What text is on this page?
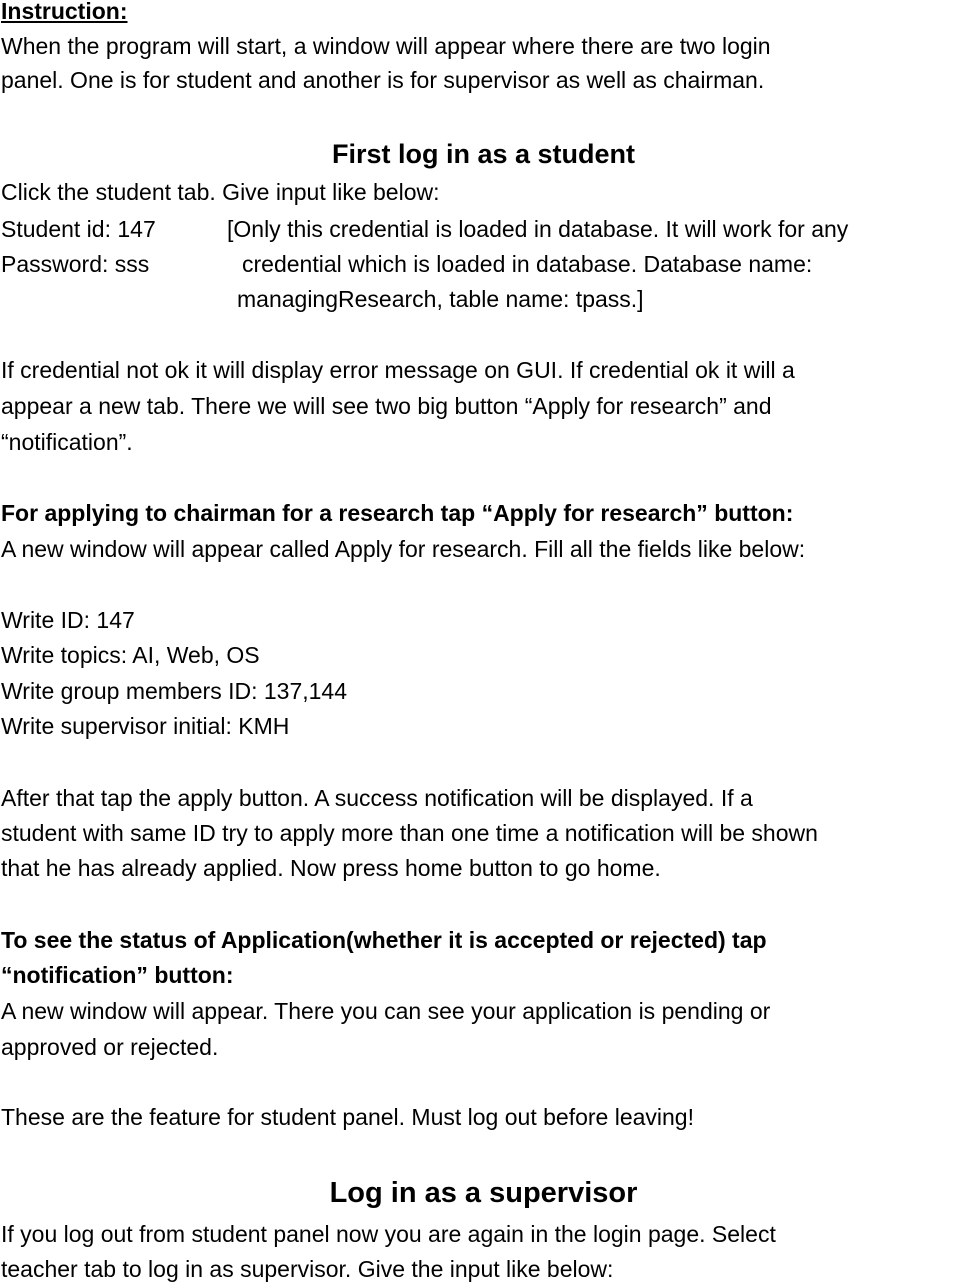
Instruction:
When the program will start, a window will appear where there are two login
panel. One is for student and another is for supervisor as well as chairman.
First log in as a student
Click the student tab. Give input like below:
Student id: 147	[Only this credential is loaded in database. It will work for any
Password: sss	credential which is loaded in database. Database name:
managingResearch, table name: tpass.]
If credential not ok it will display error message on GUI. If credential ok it will a
appear a new tab. There we will see two big button “Apply for research” and
“notification”.
For applying to chairman for a research tap “Apply for research” button:
A new window will appear called Apply for research. Fill all the fields like below:
Write ID: 147
Write topics: AI, Web, OS
Write group members ID: 137,144
Write supervisor initial: KMH
After that tap the apply button. A success notification will be displayed. If a
student with same ID try to apply more than one time a notification will be shown
that he has already applied. Now press home button to go home.
To see the status of Application(whether it is accepted or rejected) tap
“notification” button:
A new window will appear. There you can see your application is pending or
approved or rejected.
These are the feature for student panel. Must log out before leaving!
Log in as a supervisor
If you log out from student panel now you are again in the login page. Select
teacher tab to log in as supervisor. Give the input like below:
